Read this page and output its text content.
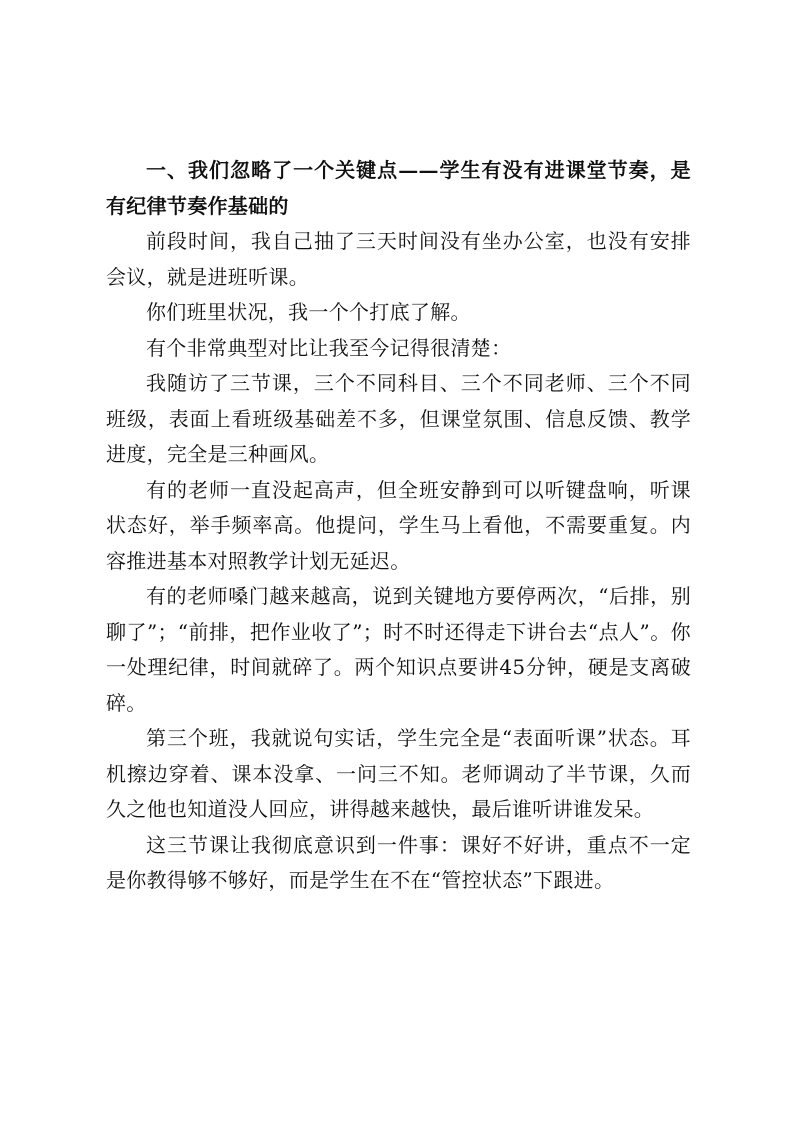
一、我们忽略了一个关键点——学生有没有进课堂节奏，是有纪律节奏作基础的

前段时间，我自己抽了三天时间没有坐办公室，也没有安排会议，就是进班听课。

你们班里状况，我一个个打底了解。

有个非常典型对比让我至今记得很清楚：

我随访了三节课，三个不同科目、三个不同老师、三个不同班级，表面上看班级基础差不多，但课堂氛围、信息反馈、教学进度，完全是三种画风。

有的老师一直没起高声，但全班安静到可以听键盘响，听课状态好，举手频率高。他提问，学生马上看他，不需要重复。内容推进基本对照教学计划无延迟。

有的老师嗓门越来越高，说到关键地方要停两次，“后排，别聊了”；“前排，把作业收了”；时不时还得走下讲台去“点人”。你一处理纪律，时间就碎了。两个知识点要讲45分钟，硬是支离破碎。

第三个班，我就说句实话，学生完全是“表面听课”状态。耳机擦边穿着、课本没拿、一问三不知。老师调动了半节课，久而久之他也知道没人回应，讲得越来越快，最后谁听讲谁发呆。

这三节课让我彻底意识到一件事：课好不好讲，重点不一定是你教得够不够好，而是学生在不在“管控状态”下跟进。
